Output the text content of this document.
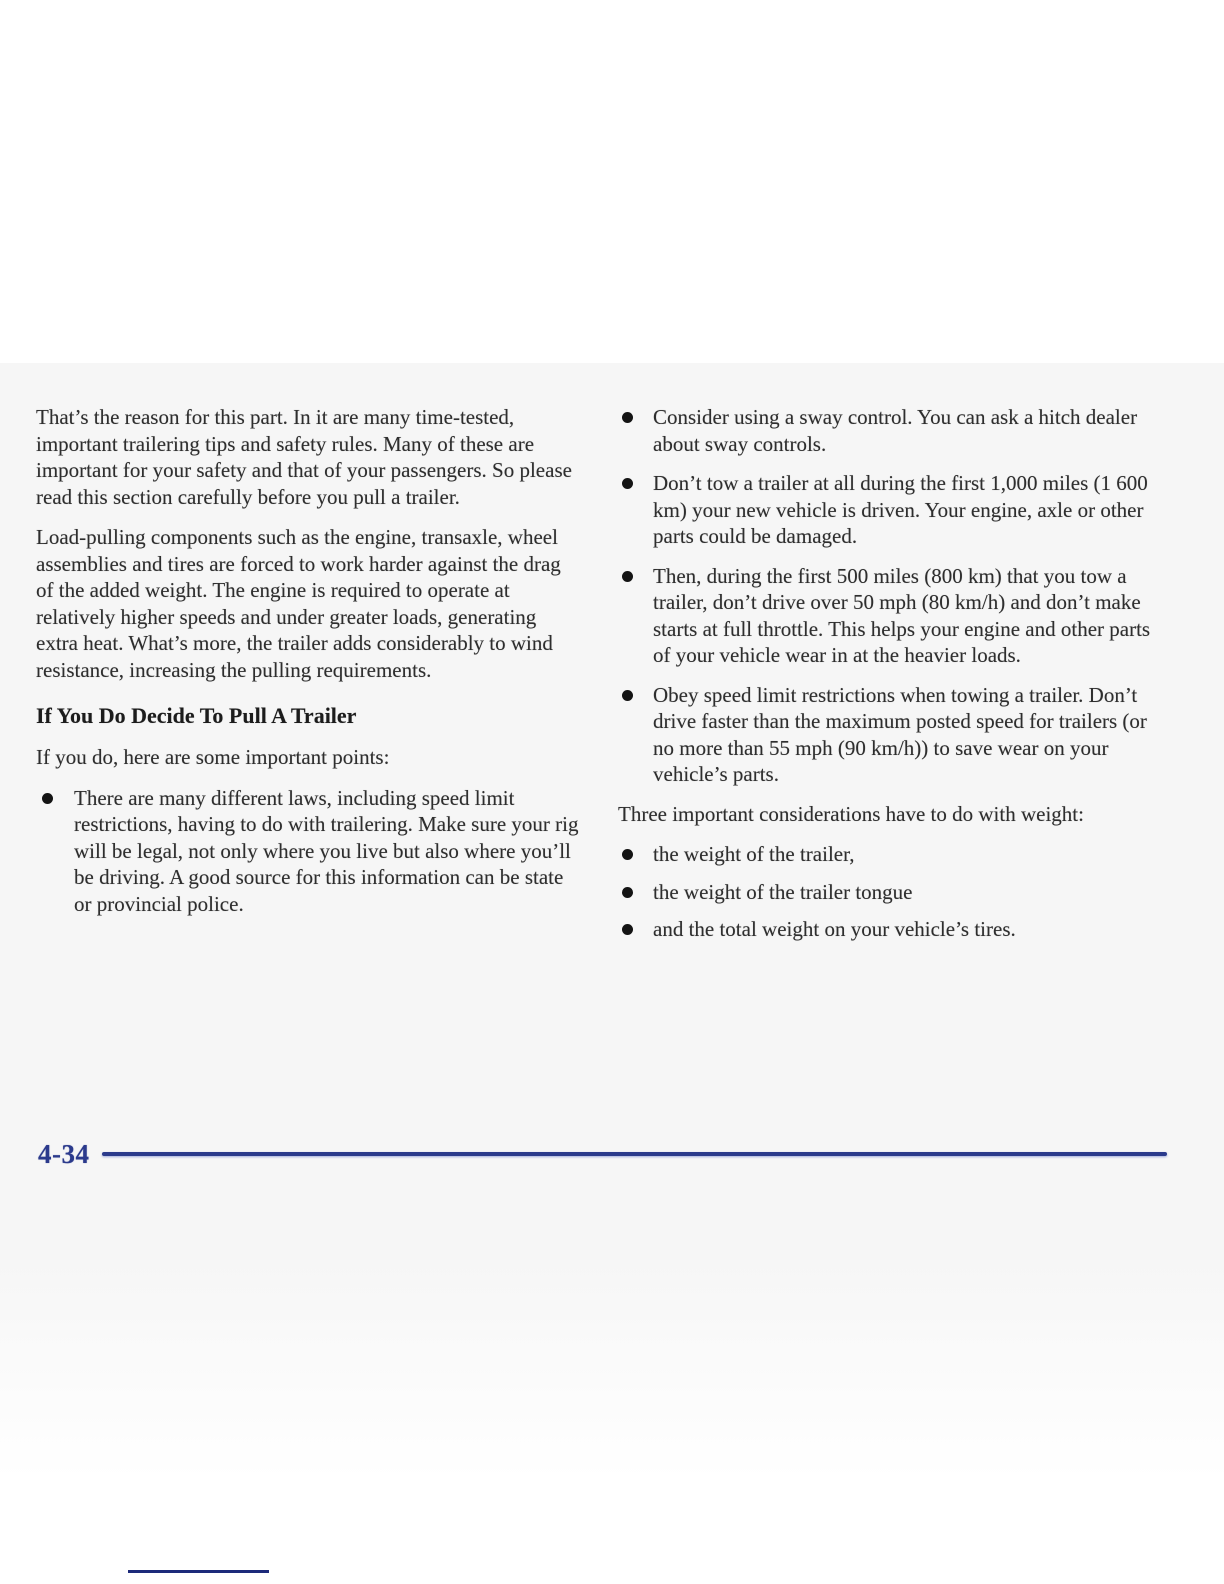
That’s the reason for this part. In it are many time-tested, important trailering tips and safety rules. Many of these are important for your safety and that of your passengers. So please read this section carefully before you pull a trailer.

Load-pulling components such as the engine, transaxle, wheel assemblies and tires are forced to work harder against the drag of the added weight. The engine is required to operate at relatively higher speeds and under greater loads, generating extra heat. What’s more, the trailer adds considerably to wind resistance, increasing the pulling requirements.

If You Do Decide To Pull A Trailer

If you do, here are some important points:

There are many different laws, including speed limit restrictions, having to do with trailering. Make sure your rig will be legal, not only where you live but also where you’ll be driving. A good source for this information can be state or provincial police.
Consider using a sway control. You can ask a hitch dealer about sway controls.
Don’t tow a trailer at all during the first 1,000 miles (1 600 km) your new vehicle is driven. Your engine, axle or other parts could be damaged.
Then, during the first 500 miles (800 km) that you tow a trailer, don’t drive over 50 mph (80 km/h) and don’t make starts at full throttle. This helps your engine and other parts of your vehicle wear in at the heavier loads.
Obey speed limit restrictions when towing a trailer. Don’t drive faster than the maximum posted speed for trailers (or no more than 55 mph (90 km/h)) to save wear on your vehicle’s parts.

Three important considerations have to do with weight:

the weight of the trailer,
the weight of the trailer tongue
and the total weight on your vehicle’s tires.
4-34
